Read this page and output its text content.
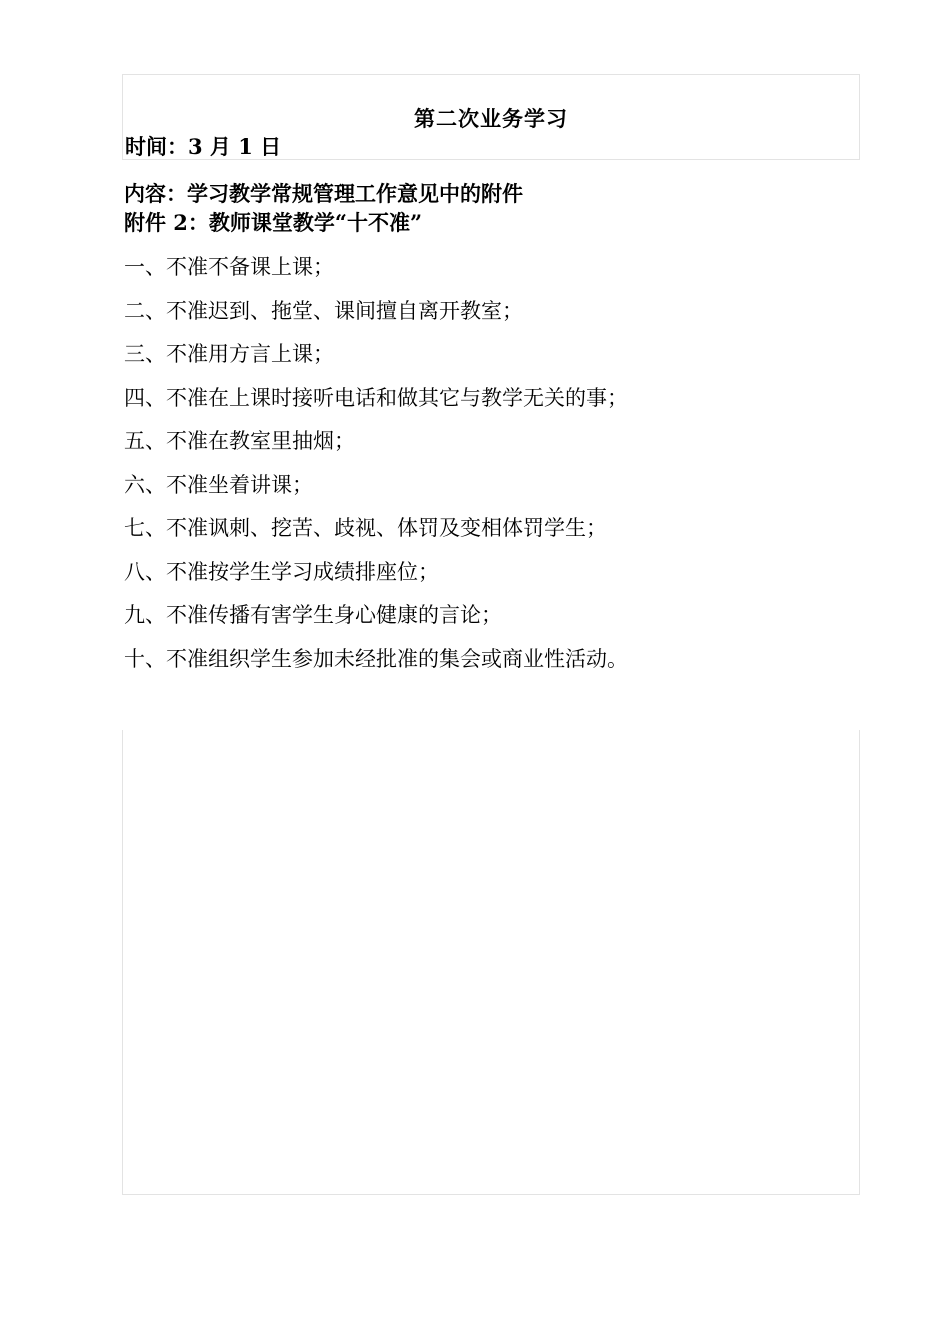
第二次业务学习

时间：3 月 1 日

内容：学习教学常规管理工作意见中的附件

附件 2：教师课堂教学“十不准”

一、不准不备课上课；
二、不准迟到、拖堂、课间擅自离开教室；
三、不准用方言上课；
四、不准在上课时接听电话和做其它与教学无关的事；
五、不准在教室里抽烟；
六、不准坐着讲课；
七、不准讽刺、挖苦、歧视、体罚及变相体罚学生；
八、不准按学生学习成绩排座位；
九、不准传播有害学生身心健康的言论；
十、不准组织学生参加未经批准的集会或商业性活动。
